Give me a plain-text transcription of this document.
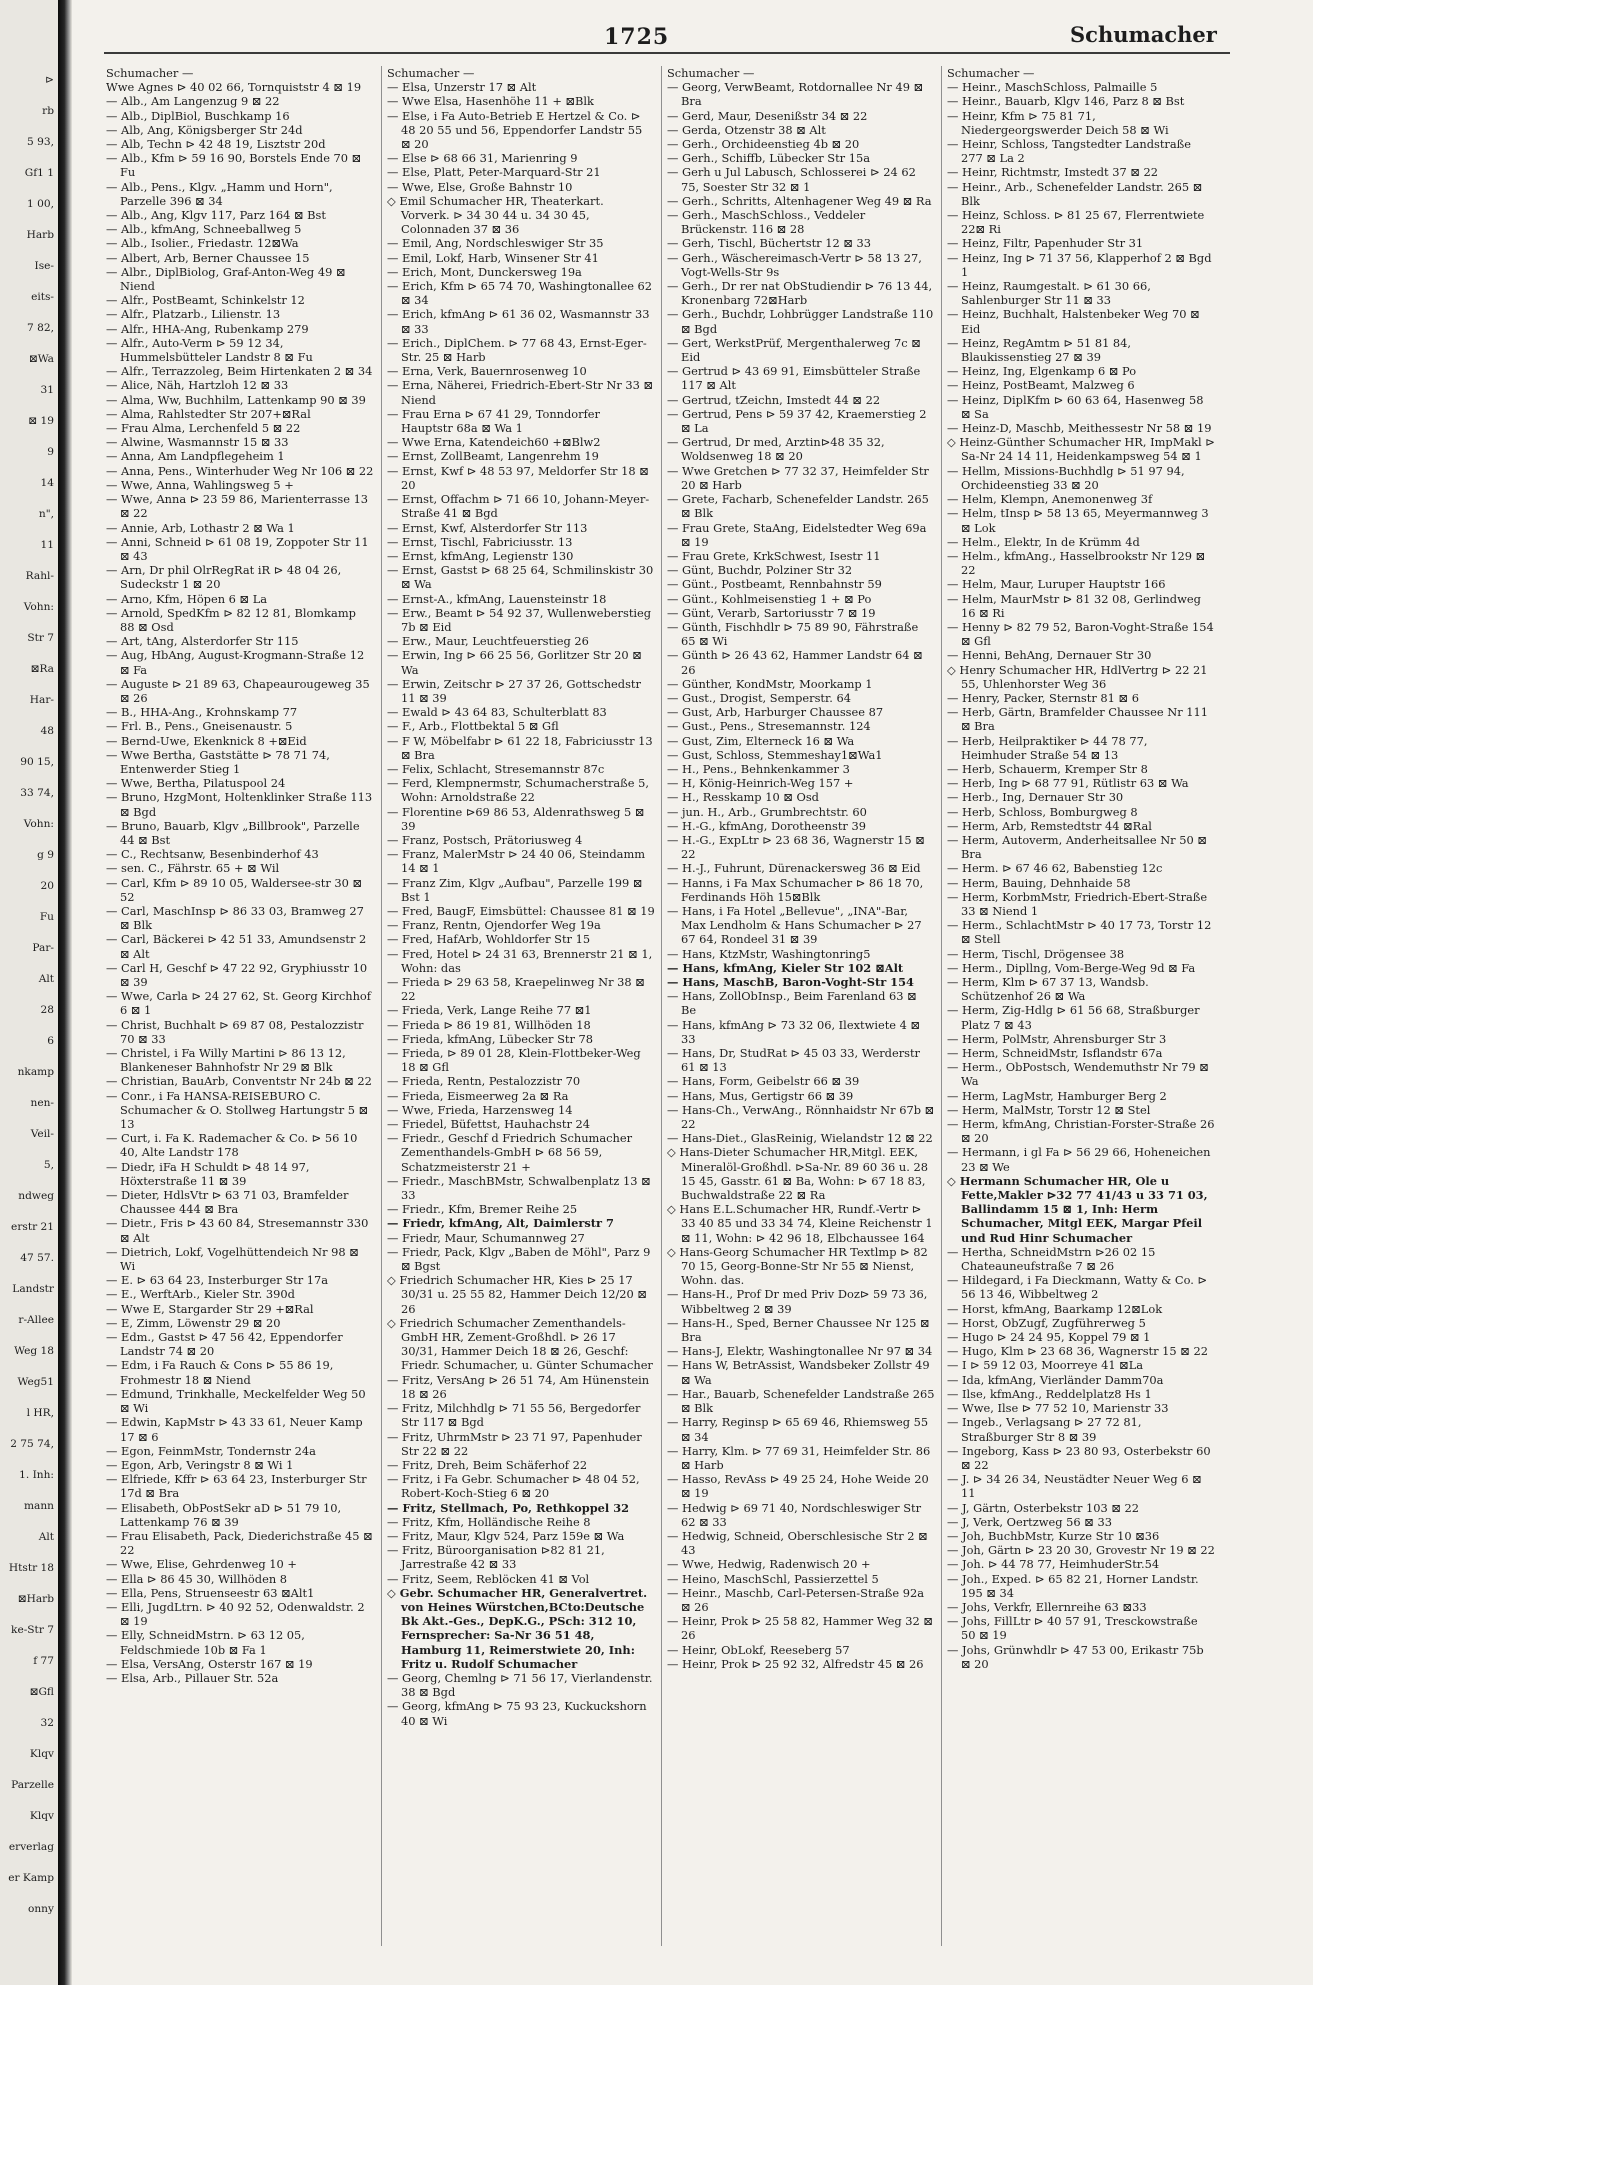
⊳
rb
5 93,
Gf1 1
1 00,
Harb
Ise-
eits-
7 82,
⊠Wa
31
⊠ 19
9
14
n",
11
Rahl-
Vohn:
Str 7
⊠Ra
Har-
48
90 15,
33 74,
Vohn:
g 9
20
Fu
Par-
Alt
28
6
nkamp
nen-
Veil-
5,
ndweg
erstr 21
47 57.
Landstr
r-Allee
Weg 18
Weg51
l HR,
2 75 74,
1. Inh:
mann
Alt
Htstr 18
⊠Harb
ke-Str 7
f 77
⊠Gfl
32
Klqv
Parzelle
Klqv
erverlag
er Kamp
onny
1725	Schumacher
Schumacher —

Wwe Agnes ⊳ 40 02 66, Tornquiststr 4 ⊠ 19

— Alb., Am Langenzug 9 ⊠ 22

— Alb., DiplBiol, Buschkamp 16

— Alb, Ang, Königsberger Str 24d

— Alb, Techn ⊳ 42 48 19, Lisztstr 20d

— Alb., Kfm ⊳ 59 16 90, Borstels Ende 70 ⊠ Fu

— Alb., Pens., Klgv. „Hamm und Horn", Parzelle 396 ⊠ 34

— Alb., Ang, Klgv 117, Parz 164 ⊠ Bst

— Alb., kfmAng, Schneeballweg 5

— Alb., Isolier., Friedastr. 12⊠Wa

— Albert, Arb, Berner Chaussee 15

— Albr., DiplBiolog, Graf-Anton-Weg 49 ⊠ Niend

— Alfr., PostBeamt, Schinkelstr 12

— Alfr., Platzarb., Lilienstr. 13

— Alfr., HHA-Ang, Rubenkamp 279

— Alfr., Auto-Verm ⊳ 59 12 34, Hummelsbütteler Landstr 8 ⊠ Fu

— Alfr., Terrazzoleg, Beim Hirtenkaten 2 ⊠ 34

— Alice, Näh, Hartzloh 12 ⊠ 33

— Alma, Ww, Buchhilm, Lattenkamp 90 ⊠ 39

— Alma, Rahlstedter Str 207+⊠Ral

— Frau Alma, Lerchenfeld 5 ⊠ 22

— Alwine, Wasmannstr 15 ⊠ 33

— Anna, Am Landpflegeheim 1

— Anna, Pens., Winterhuder Weg Nr 106 ⊠ 22

— Wwe, Anna, Wahlingsweg 5 +

— Wwe, Anna ⊳ 23 59 86, Marienterrasse 13 ⊠ 22

— Annie, Arb, Lothastr 2 ⊠ Wa 1

— Anni, Schneid ⊳ 61 08 19, Zoppoter Str 11 ⊠ 43

— Arn, Dr phil OlrRegRat iR ⊳ 48 04 26, Sudeckstr 1 ⊠ 20

— Arno, Kfm, Höpen 6 ⊠ La

— Arnold, SpedKfm ⊳ 82 12 81, Blomkamp 88 ⊠ Osd

— Art, tAng, Alsterdorfer Str 115

— Aug, HbAng, August-Krogmann-Straße 12 ⊠ Fa

— Auguste ⊳ 21 89 63, Chapeaurougeweg 35 ⊠ 26

— B., HHA-Ang., Krohnskamp 77

— Frl. B., Pens., Gneisenaustr. 5

— Bernd-Uwe, Ekenknick 8 +⊠Eid

— Wwe Bertha, Gaststätte ⊳ 78 71 74, Entenwerder Stieg 1

— Wwe, Bertha, Pilatuspool 24

— Bruno, HzgMont, Holtenklinker Straße 113 ⊠ Bgd

— Bruno, Bauarb, Klgv „Billbrook", Parzelle 44 ⊠ Bst

— C., Rechtsanw, Besenbinderhof 43

— sen. C., Fährstr. 65 + ⊠ Wil

— Carl, Kfm ⊳ 89 10 05, Waldersee-str 30 ⊠ 52

— Carl, MaschInsp ⊳ 86 33 03, Bramweg 27 ⊠ Blk

— Carl, Bäckerei ⊳ 42 51 33, Amundsenstr 2 ⊠ Alt

— Carl H, Geschf ⊳ 47 22 92, Gryphiusstr 10 ⊠ 39

— Wwe, Carla ⊳ 24 27 62, St. Georg Kirchhof 6 ⊠ 1

— Christ, Buchhalt ⊳ 69 87 08, Pestalozzistr 70 ⊠ 33

— Christel, i Fa Willy Martini ⊳ 86 13 12, Blankeneser Bahnhofstr Nr 29 ⊠ Blk

— Christian, BauArb, Conventstr Nr 24b ⊠ 22

— Conr., i Fa HANSA-REISEBURO C. Schumacher & O. Stollweg Hartungstr 5 ⊠ 13

— Curt, i. Fa K. Rademacher & Co. ⊳ 56 10 40, Alte Landstr 178

— Diedr, iFa H Schuldt ⊳ 48 14 97, Höxterstraße 11 ⊠ 39

— Dieter, HdlsVtr ⊳ 63 71 03, Bramfelder Chaussee 444 ⊠ Bra

— Dietr., Fris ⊳ 43 60 84, Stresemannstr 330 ⊠ Alt

— Dietrich, Lokf, Vogelhüttendeich Nr 98 ⊠ Wi

— E. ⊳ 63 64 23, Insterburger Str 17a

— E., WerftArb., Kieler Str. 390d

— Wwe E, Stargarder Str 29 +⊠Ral

— E, Zimm, Löwenstr 29 ⊠ 20

— Edm., Gastst ⊳ 47 56 42, Eppendorfer Landstr 74 ⊠ 20

— Edm, i Fa Rauch & Cons ⊳ 55 86 19, Frohmestr 18 ⊠ Niend

— Edmund, Trinkhalle, Meckelfelder Weg 50 ⊠ Wi

— Edwin, KapMstr ⊳ 43 33 61, Neuer Kamp 17 ⊠ 6

— Egon, FeinmMstr, Tondernstr 24a

— Egon, Arb, Veringstr 8 ⊠ Wi 1

— Elfriede, Kffr ⊳ 63 64 23, Insterburger Str 17d ⊠ Bra

— Elisabeth, ObPostSekr aD ⊳ 51 79 10, Lattenkamp 76 ⊠ 39

— Frau Elisabeth, Pack, Diederichstraße 45 ⊠ 22

— Wwe, Elise, Gehrdenweg 10 +

— Ella ⊳ 86 45 30, Willhöden 8

— Ella, Pens, Struenseestr 63 ⊠Alt1

— Elli, JugdLtrn. ⊳ 40 92 52, Odenwaldstr. 2 ⊠ 19

— Elly, SchneidMstrn. ⊳ 63 12 05, Feldschmiede 10b ⊠ Fa 1

— Elsa, VersAng, Osterstr 167 ⊠ 19

— Elsa, Arb., Pillauer Str. 52a

Schumacher —

— Elsa, Unzerstr 17 ⊠ Alt

— Wwe Elsa, Hasenhöhe 11 + ⊠Blk

— Else, i Fa Auto-Betrieb E Hertzel & Co. ⊳ 48 20 55 und 56, Eppendorfer Landstr 55 ⊠ 20

— Else ⊳ 68 66 31, Marienring 9

— Else, Platt, Peter-Marquard-Str 21

— Wwe, Else, Große Bahnstr 10

◇ Emil Schumacher HR, Theaterkart. Vorverk. ⊳ 34 30 44 u. 34 30 45, Colonnaden 37 ⊠ 36

— Emil, Ang, Nordschleswiger Str 35

— Emil, Lokf, Harb, Winsener Str 41

— Erich, Mont, Dunckersweg 19a

— Erich, Kfm ⊳ 65 74 70, Washingtonallee 62 ⊠ 34

— Erich, kfmAng ⊳ 61 36 02, Wasmannstr 33 ⊠ 33

— Erich., DiplChem. ⊳ 77 68 43, Ernst-Eger-Str. 25 ⊠ Harb

— Erna, Verk, Bauernrosenweg 10

— Erna, Näherei, Friedrich-Ebert-Str Nr 33 ⊠ Niend

— Frau Erna ⊳ 67 41 29, Tonndorfer Hauptstr 68a ⊠ Wa 1

— Wwe Erna, Katendeich60 +⊠Blw2

— Ernst, ZollBeamt, Langenrehm 19

— Ernst, Kwf ⊳ 48 53 97, Meldorfer Str 18 ⊠ 20

— Ernst, Offachm ⊳ 71 66 10, Johann-Meyer-Straße 41 ⊠ Bgd

— Ernst, Kwf, Alsterdorfer Str 113

— Ernst, Tischl, Fabriciusstr. 13

— Ernst, kfmAng, Legienstr 130

— Ernst, Gastst ⊳ 68 25 64, Schmilinskistr 30 ⊠ Wa

— Ernst-A., kfmAng, Lauensteinstr 18

— Erw., Beamt ⊳ 54 92 37, Wullenweberstieg 7b ⊠ Eid

— Erw., Maur, Leuchtfeuerstieg 26

— Erwin, Ing ⊳ 66 25 56, Gorlitzer Str 20 ⊠ Wa

— Erwin, Zeitschr ⊳ 27 37 26, Gottschedstr 11 ⊠ 39

— Ewald ⊳ 43 64 83, Schulterblatt 83

— F., Arb., Flottbektal 5 ⊠ Gfl

— F W, Möbelfabr ⊳ 61 22 18, Fabriciusstr 13 ⊠ Bra

— Felix, Schlacht, Stresemannstr 87c

— Ferd, Klempnermstr, Schumacherstraße 5, Wohn: Arnoldstraße 22

— Florentine ⊳69 86 53, Aldenrathsweg 5 ⊠ 39

— Franz, Postsch, Prätoriusweg 4

— Franz, MalerMstr ⊳ 24 40 06, Steindamm 14 ⊠ 1

— Franz Zim, Klgv „Aufbau", Parzelle 199 ⊠ Bst 1

— Fred, BaugF, Eimsbüttel: Chaussee 81 ⊠ 19

— Franz, Rentn, Ojendorfer Weg 19a

— Fred, HafArb, Wohldorfer Str 15

— Fred, Hotel ⊳ 24 31 63, Brennerstr 21 ⊠ 1, Wohn: das

— Frieda ⊳ 29 63 58, Kraepelinweg Nr 38 ⊠ 22

— Frieda, Verk, Lange Reihe 77 ⊠1

— Frieda ⊳ 86 19 81, Willhöden 18

— Frieda, kfmAng, Lübecker Str 78

— Frieda, ⊳ 89 01 28, Klein-Flottbeker-Weg 18 ⊠ Gfl

— Frieda, Rentn, Pestalozzistr 70

— Frieda, Eismeerweg 2a ⊠ Ra

— Wwe, Frieda, Harzensweg 14

— Friedel, Büfettst, Hauhachstr 24

— Friedr., Geschf d Friedrich Schumacher Zementhandels-GmbH ⊳ 68 56 59, Schatzmeisterstr 21 +

— Friedr., MaschBMstr, Schwalbenplatz 13 ⊠ 33

— Friedr., Kfm, Bremer Reihe 25

— Friedr, kfmAng, Alt, Daimlerstr 7

— Friedr, Maur, Schumannweg 27

— Friedr, Pack, Klgv „Baben de Möhl", Parz 9 ⊠ Bgst

◇ Friedrich Schumacher HR, Kies ⊳ 25 17 30/31 u. 25 55 82, Hammer Deich 12/20 ⊠ 26

◇ Friedrich Schumacher Zementhandels- GmbH HR, Zement-Großhdl. ⊳ 26 17 30/31, Hammer Deich 18 ⊠ 26, Geschf: Friedr. Schumacher, u. Günter Schumacher

— Fritz, VersAng ⊳ 26 51 74, Am Hünenstein 18 ⊠ 26

— Fritz, Milchhdlg ⊳ 71 55 56, Bergedorfer Str 117 ⊠ Bgd

— Fritz, UhrmMstr ⊳ 23 71 97, Papenhuder Str 22 ⊠ 22

— Fritz, Dreh, Beim Schäferhof 22

— Fritz, i Fa Gebr. Schumacher ⊳ 48 04 52, Robert-Koch-Stieg 6 ⊠ 20

— Fritz, Stellmach, Po, Rethkoppel 32

— Fritz, Kfm, Holländische Reihe 8

— Fritz, Maur, Klgv 524, Parz 159e ⊠ Wa

— Fritz, Büroorganisation ⊳82 81 21, Jarrestraße 42 ⊠ 33

— Fritz, Seem, Reblöcken 41 ⊠ Vol

◇ Gebr. Schumacher HR, Generalvertret. von Heines Würstchen,BCto:Deutsche Bk Akt.-Ges., DepK.G., PSch: 312 10, Fernsprecher: Sa-Nr 36 51 48, Hamburg 11, Reimerstwiete 20, Inh: Fritz u. Rudolf Schumacher

— Georg, Chemlng ⊳ 71 56 17, Vierlandenstr. 38 ⊠ Bgd

— Georg, kfmAng ⊳ 75 93 23, Kuckuckshorn 40 ⊠ Wi

Schumacher —

— Georg, VerwBeamt, Rotdornallee Nr 49 ⊠ Bra

— Gerd, Maur, Desenißstr 34 ⊠ 22

— Gerda, Otzenstr 38 ⊠ Alt

— Gerh., Orchideenstieg 4b ⊠ 20

— Gerh., Schiffb, Lübecker Str 15a

— Gerh u Jul Labusch, Schlosserei ⊳ 24 62 75, Soester Str 32 ⊠ 1

— Gerh., Schritts, Altenhagener Weg 49 ⊠ Ra

— Gerh., MaschSchloss., Veddeler Brückenstr. 116 ⊠ 28

— Gerh, Tischl, Büchertstr 12 ⊠ 33

— Gerh., Wäschereimasch-Vertr ⊳ 58 13 27, Vogt-Wells-Str 9s

— Gerh., Dr rer nat ObStudiendir ⊳ 76 13 44, Kronenbarg 72⊠Harb

— Gerh., Buchdr, Lohbrügger Landstraße 110 ⊠ Bgd

— Gert, WerkstPrüf, Mergenthalerweg 7c ⊠ Eid

— Gertrud ⊳ 43 69 91, Eimsbütteler Straße 117 ⊠ Alt

— Gertrud, tZeichn, Imstedt 44 ⊠ 22

— Gertrud, Pens ⊳ 59 37 42, Kraemerstieg 2 ⊠ La

— Gertrud, Dr med, Arztin⊳48 35 32, Woldsenweg 18 ⊠ 20

— Wwe Gretchen ⊳ 77 32 37, Heimfelder Str 20 ⊠ Harb

— Grete, Facharb, Schenefelder Landstr. 265 ⊠ Blk

— Frau Grete, StaAng, Eidelstedter Weg 69a ⊠ 19

— Frau Grete, KrkSchwest, Isestr 11

— Günt, Buchdr, Polziner Str 32

— Günt., Postbeamt, Rennbahnstr 59

— Günt., Kohlmeisenstieg 1 + ⊠ Po

— Günt, Verarb, Sartoriusstr 7 ⊠ 19

— Günth, Fischhdlr ⊳ 75 89 90, Fährstraße 65 ⊠ Wi

— Günth ⊳ 26 43 62, Hammer Landstr 64 ⊠ 26

— Günther, KondMstr, Moorkamp 1

— Gust., Drogist, Semperstr. 64

— Gust, Arb, Harburger Chaussee 87

— Gust., Pens., Stresemannstr. 124

— Gust, Zim, Elterneck 16 ⊠ Wa

— Gust, Schloss, Stemmeshay1⊠Wa1

— H., Pens., Behnkenkammer 3

— H, König-Heinrich-Weg 157 +

— H., Resskamp 10 ⊠ Osd

— jun. H., Arb., Grumbrechtstr. 60

— H.-G., kfmAng, Dorotheenstr 39

— H.-G., ExpLtr ⊳ 23 68 36, Wagnerstr 15 ⊠ 22

— H.-J., Fuhrunt, Dürenackersweg 36 ⊠ Eid

— Hanns, i Fa Max Schumacher ⊳ 86 18 70, Ferdinands Höh 15⊠Blk

— Hans, i Fa Hotel „Bellevue", „INA"-Bar, Max Lendholm & Hans Schumacher ⊳ 27 67 64, Rondeel 31 ⊠ 39

— Hans, KtzMstr, Washingtonring5

— Hans, kfmAng, Kieler Str 102 ⊠Alt

— Hans, MaschB, Baron-Voght-Str 154

— Hans, ZollObInsp., Beim Farenland 63 ⊠ Be

— Hans, kfmAng ⊳ 73 32 06, Ilextwiete 4 ⊠ 33

— Hans, Dr, StudRat ⊳ 45 03 33, Werderstr 61 ⊠ 13

— Hans, Form, Geibelstr 66 ⊠ 39

— Hans, Mus, Gertigstr 66 ⊠ 39

— Hans-Ch., VerwAng., Rönnhaidstr Nr 67b ⊠ 22

— Hans-Diet., GlasReinig, Wielandstr 12 ⊠ 22

◇ Hans-Dieter Schumacher HR,Mitgl. EEK, Mineralöl-Großhdl. ⊳Sa-Nr. 89 60 36 u. 28 15 45, Gasstr. 61 ⊠ Ba, Wohn: ⊳ 67 18 83, Buchwaldstraße 22 ⊠ Ra

◇ Hans E.L.Schumacher HR, Rundf.-Vertr ⊳ 33 40 85 und 33 34 74, Kleine Reichenstr 1 ⊠ 11, Wohn: ⊳ 42 96 18, Elbchaussee 164

◇ Hans-Georg Schumacher HR Textlmp ⊳ 82 70 15, Georg-Bonne-Str Nr 55 ⊠ Nienst, Wohn. das.

— Hans-H., Prof Dr med Priv Doz⊳ 59 73 36, Wibbeltweg 2 ⊠ 39

— Hans-H., Sped, Berner Chaussee Nr 125 ⊠ Bra

— Hans-J, Elektr, Washingtonallee Nr 97 ⊠ 34

— Hans W, BetrAssist, Wandsbeker Zollstr 49 ⊠ Wa

— Har., Bauarb, Schenefelder Landstraße 265 ⊠ Blk

— Harry, Reginsp ⊳ 65 69 46, Rhiemsweg 55 ⊠ 34

— Harry, Klm. ⊳ 77 69 31, Heimfelder Str. 86 ⊠ Harb

— Hasso, RevAss ⊳ 49 25 24, Hohe Weide 20 ⊠ 19

— Hedwig ⊳ 69 71 40, Nordschleswiger Str 62 ⊠ 33

— Hedwig, Schneid, Oberschlesische Str 2 ⊠ 43

— Wwe, Hedwig, Radenwisch 20 +

— Heino, MaschSchl, Passierzettel 5

— Heinr., Maschb, Carl-Petersen-Straße 92a ⊠ 26

— Heinr, Prok ⊳ 25 58 82, Hammer Weg 32 ⊠ 26

— Heinr, ObLokf, Reeseberg 57

— Heinr, Prok ⊳ 25 92 32, Alfredstr 45 ⊠ 26

Schumacher —

— Heinr., MaschSchloss, Palmaille 5

— Heinr., Bauarb, Klgv 146, Parz 8 ⊠ Bst

— Heinr, Kfm ⊳ 75 81 71, Niedergeorgswerder Deich 58 ⊠ Wi

— Heinr, Schloss, Tangstedter Landstraße 277 ⊠ La 2

— Heinr, Richtmstr, Imstedt 37 ⊠ 22

— Heinr., Arb., Schenefelder Landstr. 265 ⊠ Blk

— Heinz, Schloss. ⊳ 81 25 67, Flerrentwiete 22⊠ Ri

— Heinz, Filtr, Papenhuder Str 31

— Heinz, Ing ⊳ 71 37 56, Klapperhof 2 ⊠ Bgd 1

— Heinz, Raumgestalt. ⊳ 61 30 66, Sahlenburger Str 11 ⊠ 33

— Heinz, Buchhalt, Halstenbeker Weg 70 ⊠ Eid

— Heinz, RegAmtm ⊳ 51 81 84, Blaukissenstieg 27 ⊠ 39

— Heinz, Ing, Elgenkamp 6 ⊠ Po

— Heinz, PostBeamt, Malzweg 6

— Heinz, DiplKfm ⊳ 60 63 64, Hasenweg 58 ⊠ Sa

— Heinz-D, Maschb, Meithessestr Nr 58 ⊠ 19

◇ Heinz-Günther Schumacher HR, ImpMakl ⊳ Sa-Nr 24 14 11, Heidenkampsweg 54 ⊠ 1

— Hellm, Missions-Buchhdlg ⊳ 51 97 94, Orchideenstieg 33 ⊠ 20

— Helm, Klempn, Anemonenweg 3f

— Helm, tInsp ⊳ 58 13 65, Meyermannweg 3 ⊠ Lok

— Helm., Elektr, In de Krümm 4d

— Helm., kfmAng., Hasselbrookstr Nr 129 ⊠ 22

— Helm, Maur, Luruper Hauptstr 166

— Helm, MaurMstr ⊳ 81 32 08, Gerlindweg 16 ⊠ Ri

— Henny ⊳ 82 79 52, Baron-Voght-Straße 154 ⊠ Gfl

— Henni, BehAng, Dernauer Str 30

◇ Henry Schumacher HR, HdlVertrg ⊳ 22 21 55, Uhlenhorster Weg 36

— Henry, Packer, Sternstr 81 ⊠ 6

— Herb, Gärtn, Bramfelder Chaussee Nr 111 ⊠ Bra

— Herb, Heilpraktiker ⊳ 44 78 77, Heimhuder Straße 54 ⊠ 13

— Herb, Schauerm, Kremper Str 8

— Herb, Ing ⊳ 68 77 91, Rütlistr 63 ⊠ Wa

— Herb., Ing, Dernauer Str 30

— Herb, Schloss, Bomburgweg 8

— Herm, Arb, Remstedtstr 44 ⊠Ral

— Herm, Autoverm, Anderheitsallee Nr 50 ⊠ Bra

— Herm. ⊳ 67 46 62, Babenstieg 12c

— Herm, Bauing, Dehnhaide 58

— Herm, KorbmMstr, Friedrich-Ebert-Straße 33 ⊠ Niend 1

— Herm., SchlachtMstr ⊳ 40 17 73, Torstr 12 ⊠ Stell

— Herm, Tischl, Drögensee 38

— Herm., Dipllng, Vom-Berge-Weg 9d ⊠ Fa

— Herm, Klm ⊳ 67 37 13, Wandsb. Schützenhof 26 ⊠ Wa

— Herm, Zig-Hdlg ⊳ 61 56 68, Straßburger Platz 7 ⊠ 43

— Herm, PolMstr, Ahrensburger Str 3

— Herm, SchneidMstr, Isflandstr 67a

— Herm., ObPostsch, Wendemuthstr Nr 79 ⊠ Wa

— Herm, LagMstr, Hamburger Berg 2

— Herm, MalMstr, Torstr 12 ⊠ Stel

— Herm, kfmAng, Christian-Forster-Straße 26 ⊠ 20

— Hermann, i gl Fa ⊳ 56 29 66, Hoheneichen 23 ⊠ We

◇ Hermann Schumacher HR, Ole u Fette,Makler ⊳32 77 41/43 u 33 71 03, Ballindamm 15 ⊠ 1, Inh: Herm Schumacher, Mitgl EEK, Margar Pfeil und Rud Hinr Schumacher

— Hertha, SchneidMstrn ⊳26 02 15 Chateauneufstraße 7 ⊠ 26

— Hildegard, i Fa Dieckmann, Watty & Co. ⊳ 56 13 46, Wibbeltweg 2

— Horst, kfmAng, Baarkamp 12⊠Lok

— Horst, ObZugf, Zugführerweg 5

— Hugo ⊳ 24 24 95, Koppel 79 ⊠ 1

— Hugo, Klm ⊳ 23 68 36, Wagnerstr 15 ⊠ 22

— I ⊳ 59 12 03, Moorreye 41 ⊠La

— Ida, kfmAng, Vierländer Damm70a

— Ilse, kfmAng., Reddelplatz8 Hs 1

— Wwe, Ilse ⊳ 77 52 10, Marienstr 33

— Ingeb., Verlagsang ⊳ 27 72 81, Straßburger Str 8 ⊠ 39

— Ingeborg, Kass ⊳ 23 80 93, Osterbekstr 60 ⊠ 22

— J. ⊳ 34 26 34, Neustädter Neuer Weg 6 ⊠ 11

— J, Gärtn, Osterbekstr 103 ⊠ 22

— J, Verk, Oertzweg 56 ⊠ 33

— Joh, BuchbMstr, Kurze Str 10 ⊠36

— Joh, Gärtn ⊳ 23 20 30, Grovestr Nr 19 ⊠ 22

— Joh. ⊳ 44 78 77, HeimhuderStr.54

— Joh., Exped. ⊳ 65 82 21, Horner Landstr. 195 ⊠ 34

— Johs, Verkfr, Ellernreihe 63 ⊠33

— Johs, FillLtr ⊳ 40 57 91, Tresckowstraße 50 ⊠ 19

— Johs, Grünwhdlr ⊳ 47 53 00, Erikastr 75b ⊠ 20
